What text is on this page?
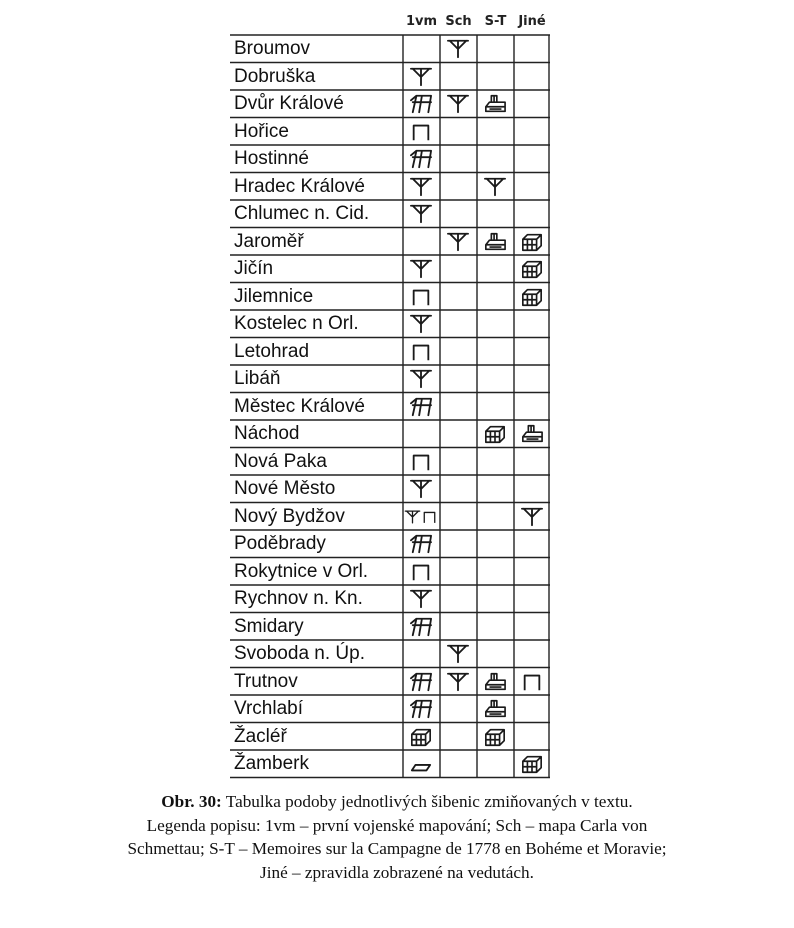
1vm Sch S-T Jiné
Broumov
Dobruška
Dvůr Králové
Hořice
Hostinné
Hradec Králové
Chlumec n. Cid.
Jaroměř
Jičín
Jilemnice
Kostelec n Orl.
Letohrad
Libáň
Městec Králové
Náchod
Nová Paka
Nové Město
Nový Bydžov
Poděbrady
Rokytnice v Orl.
Rychnov n. Kn.
Smidary
Svoboda n. Úp.
Trutnov
Vrchlabí
Žacléř
Žamberk
Obr. 30: Tabulka podoby jednotlivých šibenic zmiňovaných v textu.
Legenda popisu: 1vm – první vojenské mapování; Sch – mapa Carla von
Schmettau; S-T – Memoires sur la Campagne de 1778 en Bohéme et Moravie;
Jiné – zpravidla zobrazené na vedutách.
